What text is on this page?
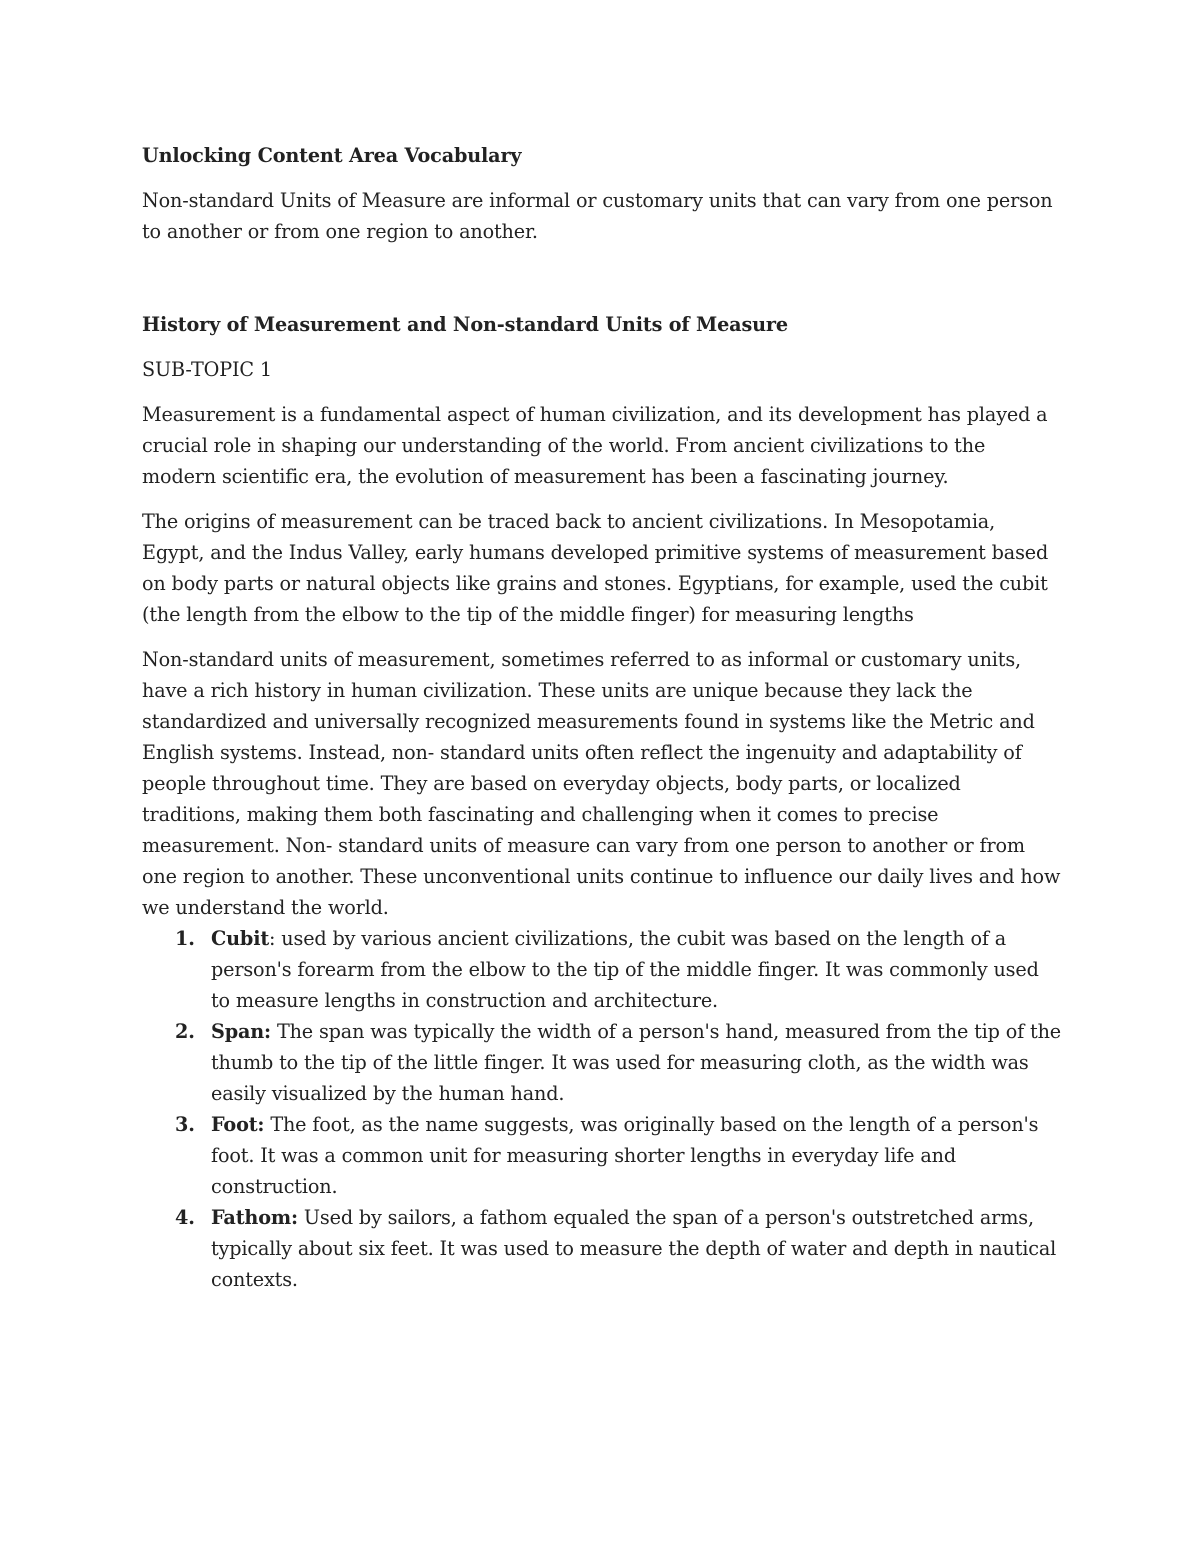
Unlocking Content Area Vocabulary

Non-standard Units of Measure are informal or customary units that can vary from one person to another or from one region to another.

History of Measurement and Non-standard Units of Measure

SUB-TOPIC 1

Measurement is a fundamental aspect of human civilization, and its development has played a crucial role in shaping our understanding of the world. From ancient civilizations to the modern scientific era, the evolution of measurement has been a fascinating journey.

The origins of measurement can be traced back to ancient civilizations. In Mesopotamia, Egypt, and the Indus Valley, early humans developed primitive systems of measurement based on body parts or natural objects like grains and stones. Egyptians, for example, used the cubit (the length from the elbow to the tip of the middle finger) for measuring lengths

Non-standard units of measurement, sometimes referred to as informal or customary units, have a rich history in human civilization. These units are unique because they lack the standardized and universally recognized measurements found in systems like the Metric and English systems. Instead, non- standard units often reflect the ingenuity and adaptability of people throughout time. They are based on everyday objects, body parts, or localized traditions, making them both fascinating and challenging when it comes to precise measurement. Non- standard units of measure can vary from one person to another or from one region to another. These unconventional units continue to influence our daily lives and how we understand the world.

1. Cubit: used by various ancient civilizations, the cubit was based on the length of a person's forearm from the elbow to the tip of the middle finger. It was commonly used to measure lengths in construction and architecture.
2. Span: The span was typically the width of a person's hand, measured from the tip of the thumb to the tip of the little finger. It was used for measuring cloth, as the width was easily visualized by the human hand.
3. Foot: The foot, as the name suggests, was originally based on the length of a person's foot. It was a common unit for measuring shorter lengths in everyday life and construction.
4. Fathom: Used by sailors, a fathom equaled the span of a person's outstretched arms, typically about six feet. It was used to measure the depth of water and depth in nautical contexts.
